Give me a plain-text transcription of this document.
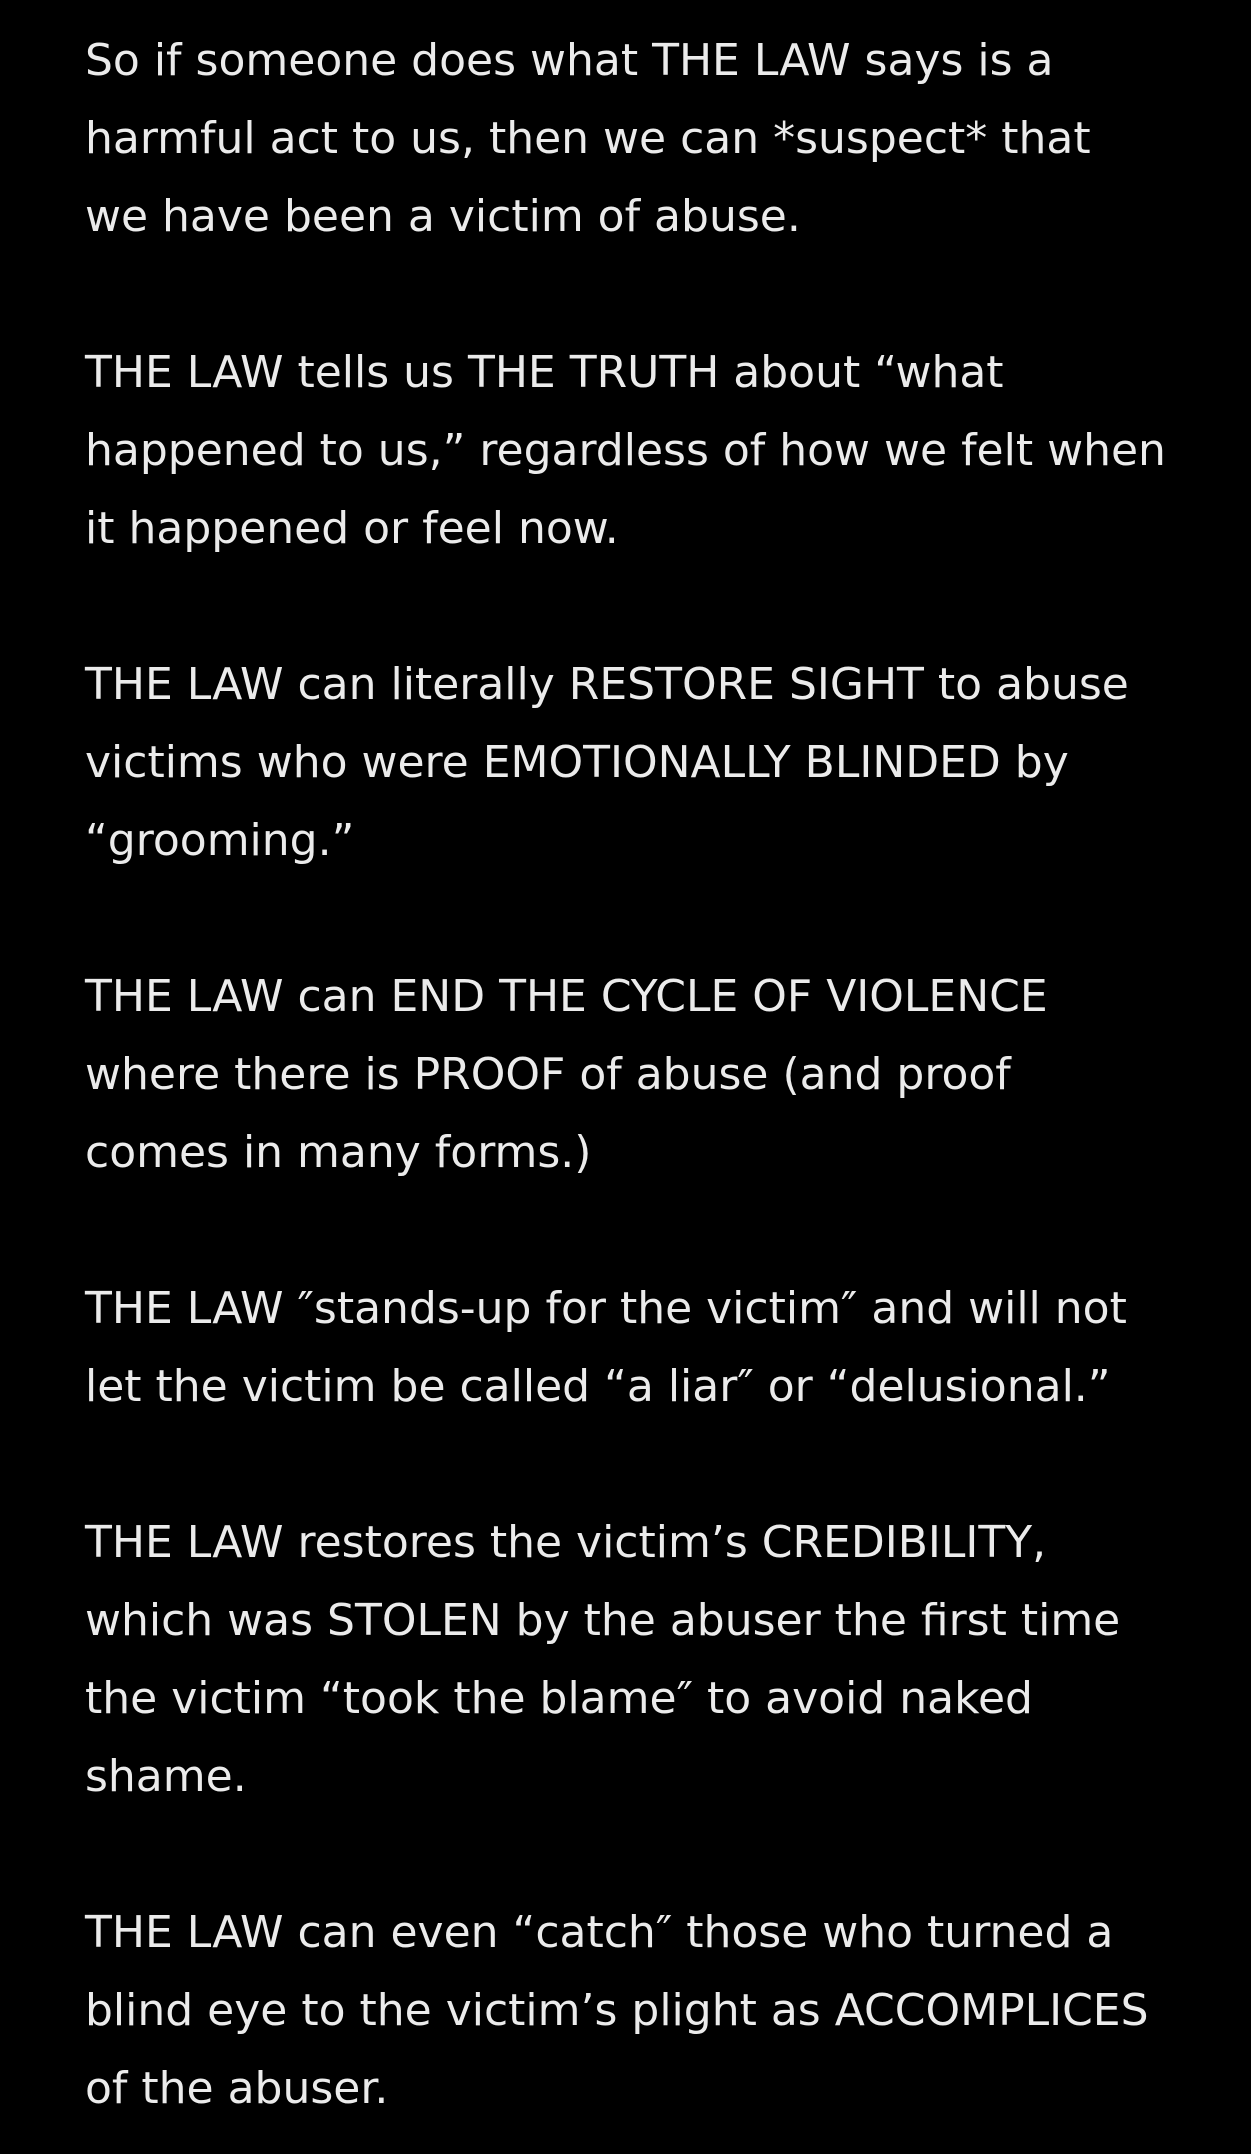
So if someone does what THE LAW says is a
harmful act to us, then we can *suspect* that
we have been a victim of abuse.

THE LAW tells us THE TRUTH about “what
happened to us,” regardless of how we felt when
it happened or feel now.

THE LAW can literally RESTORE SIGHT to abuse
victims who were EMOTIONALLY BLINDED by
“grooming.”

THE LAW can END THE CYCLE OF VIOLENCE
where there is PROOF of abuse (and proof
comes in many forms.)

THE LAW ″stands-up for the victim″ and will not
let the victim be called “a liar″ or “delusional.”

THE LAW restores the victim’s CREDIBILITY,
which was STOLEN by the abuser the first time
the victim “took the blame″ to avoid naked
shame.

THE LAW can even “catch″ those who turned a
blind eye to the victim’s plight as ACCOMPLICES
of the abuser.
